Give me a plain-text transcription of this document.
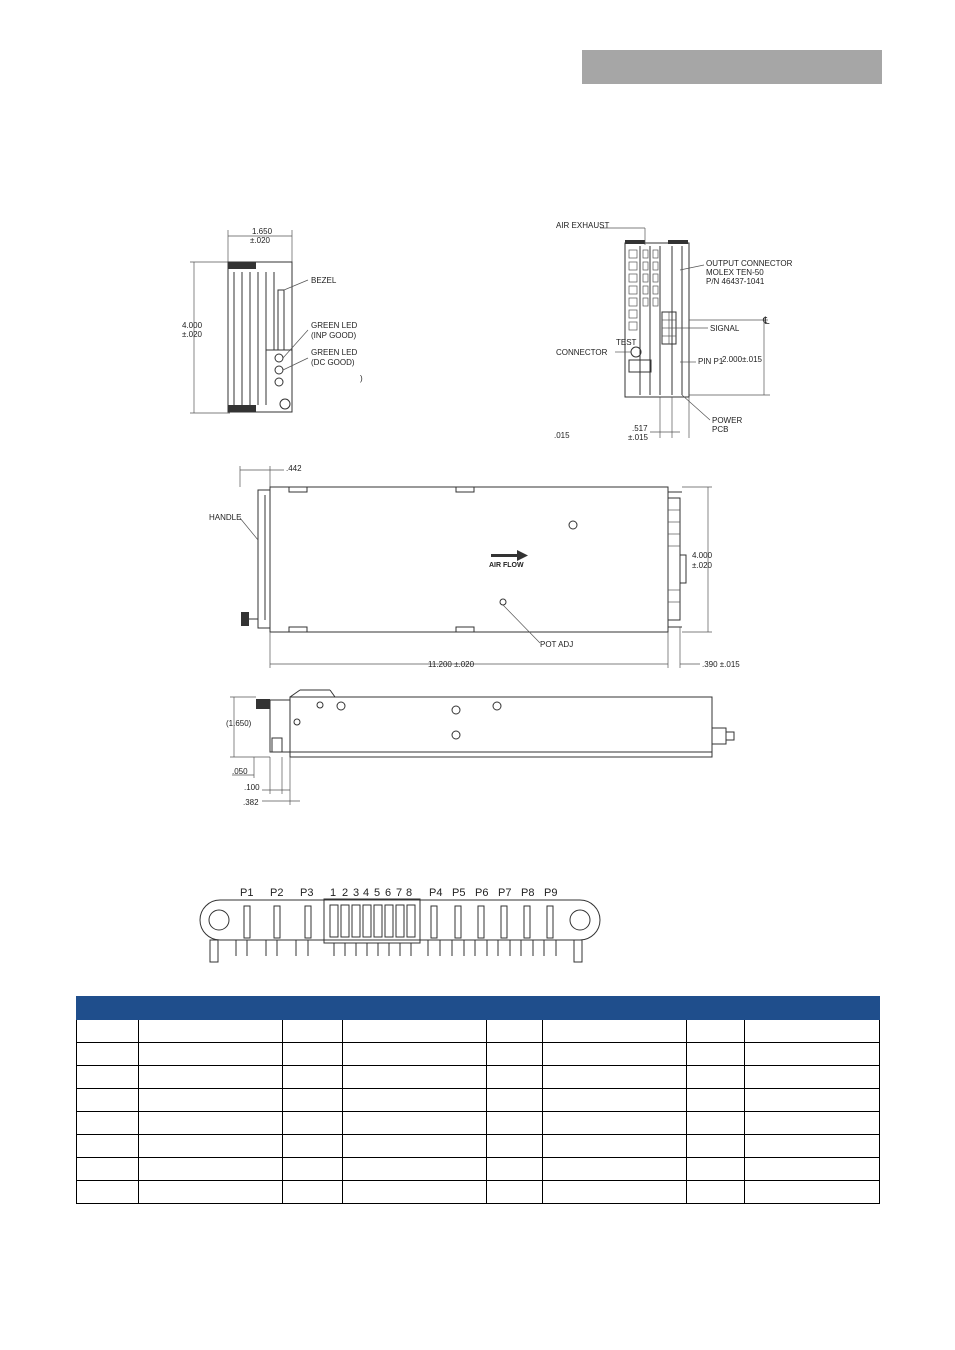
1.650
±.020
4.000
±.020
BEZEL
GREEN LED
(INP GOOD)
GREEN LED
(DC GOOD)
)
AIR EXHAUST
OUTPUT CONNECTOR
MOLEX TEN-50
P/N 46437-1041
SIGNAL
℄
TEST
CONNECTOR
PIN P1
2.000±.015
POWER
PCB
.517
±.015
.015
.442
HANDLE
AIR FLOW
POT ADJ
4.000
±.020
11.200 ±.020	.390 ±.015
(1.650)
.050
.100
.382
P1 P2 P3 1 2 3 4 5 6 7 8 P4 P5 P6 P7 P8 P9
